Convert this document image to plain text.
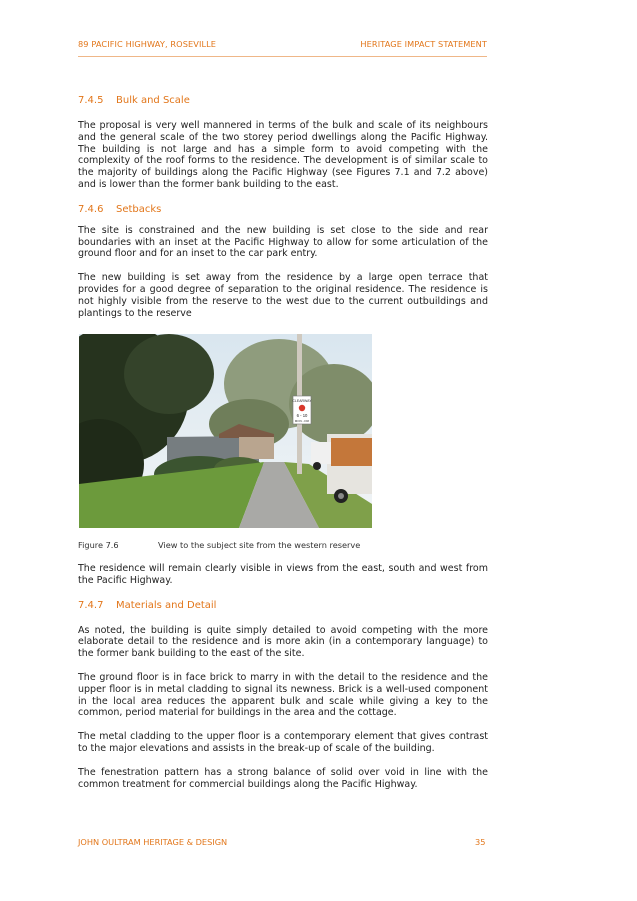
89 PACIFIC HIGHWAY, ROSEVILLE	HERITAGE IMPACT STATEMENT
7.4.5 Bulk and Scale

The proposal is very well mannered in terms of the bulk and scale of its neighbours and the general scale of the two storey period dwellings along the Pacific Highway. The building is not large and has a simple form to avoid competing with the complexity of the roof forms to the residence. The development is of similar scale to the majority of buildings along the Pacific Highway (see Figures 7.1 and 7.2 above) and is lower than the former bank building to the east.

7.4.6 Setbacks

The site is constrained and the new building is set close to the side and rear boundaries with an inset at the Pacific Highway to allow for some articulation of the ground floor and for an inset to the car park entry.

The new building is set away from the residence by a large open terrace that provides for a good degree of separation to the original residence. The residence is not highly visible from the reserve to the west due to the current outbuildings and plantings to the reserve

CLEARWAY
6 - 10
MON - FRI
Figure 7.6	View to the subject site from the western reserve

The residence will remain clearly visible in views from the east, south and west from the Pacific Highway.

7.4.7 Materials and Detail

As noted, the building is quite simply detailed to avoid competing with the more elaborate detail to the residence and is more akin (in a contemporary language) to the former bank building to the east of the site.

The ground floor is in face brick to marry in with the detail to the residence and the upper floor is in metal cladding to signal its newness. Brick is a well-used component in the local area reduces the apparent bulk and scale while giving a key to the common, period material for buildings in the area and the cottage.

The metal cladding to the upper floor is a contemporary element that gives contrast to the major elevations and assists in the break-up of scale of the building.

The fenestration pattern has a strong balance of solid over void in line with the common treatment for commercial buildings along the Pacific Highway.

JOHN OULTRAM HERITAGE & DESIGN	35
